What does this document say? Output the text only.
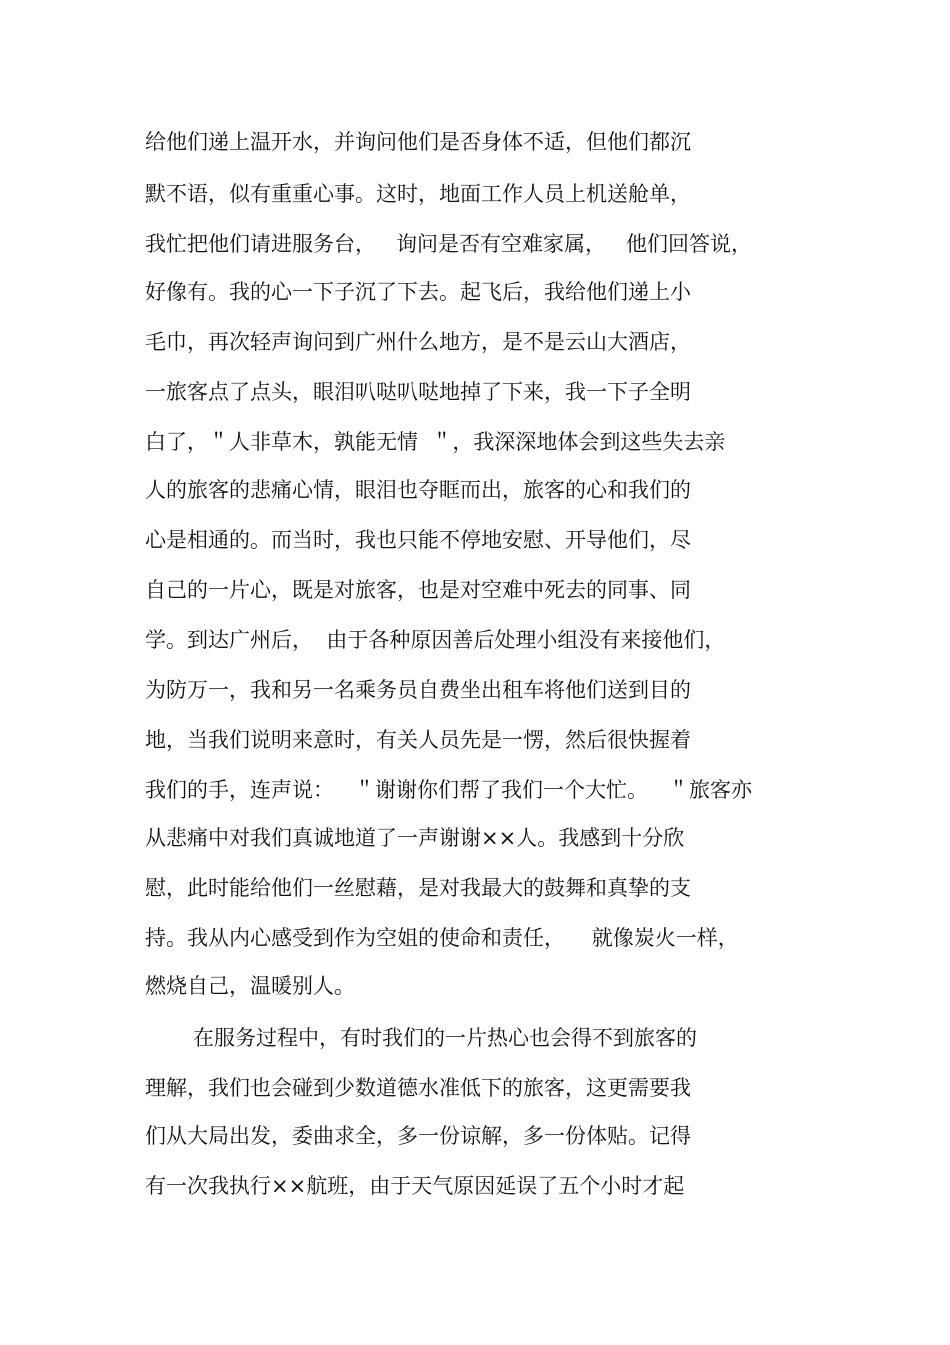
给他们递上温开水，并询问他们是否身体不适，但他们都沉
默不语，似有重重心事。这时，地面工作人员上机送舱单，
我忙把他们请进服务台，   询问是否有空难家属，   他们回答说，
好像有。我的心一下子沉了下去。起飞后，我给他们递上小
毛巾，再次轻声询问到广州什么地方，是不是云山大酒店，
一旅客点了点头，眼泪叭哒叭哒地掉了下来，我一下子全明
白了，＂人非草木，孰能无情  ＂，我深深地体会到这些失去亲
人的旅客的悲痛心情，眼泪也夺眶而出，旅客的心和我们的
心是相通的。而当时，我也只能不停地安慰、开导他们，尽
自己的一片心，既是对旅客，也是对空难中死去的同事、同
学。到达广州后，  由于各种原因善后处理小组没有来接他们，
为防万一，我和另一名乘务员自费坐出租车将他们送到目的
地，当我们说明来意时，有关人员先是一愣，然后很快握着
我们的手，连声说：   ＂谢谢你们帮了我们一个大忙。   ＂旅客亦
从悲痛中对我们真诚地道了一声谢谢××人。我感到十分欣
慰，此时能给他们一丝慰藉，是对我最大的鼓舞和真挚的支
持。我从内心感受到作为空姐的使命和责任，    就像炭火一样，
燃烧自己，温暖别人。
在服务过程中，有时我们的一片热心也会得不到旅客的
理解，我们也会碰到少数道德水准低下的旅客，这更需要我
们从大局出发，委曲求全，多一份谅解，多一份体贴。记得
有一次我执行××航班，由于天气原因延误了五个小时才起
